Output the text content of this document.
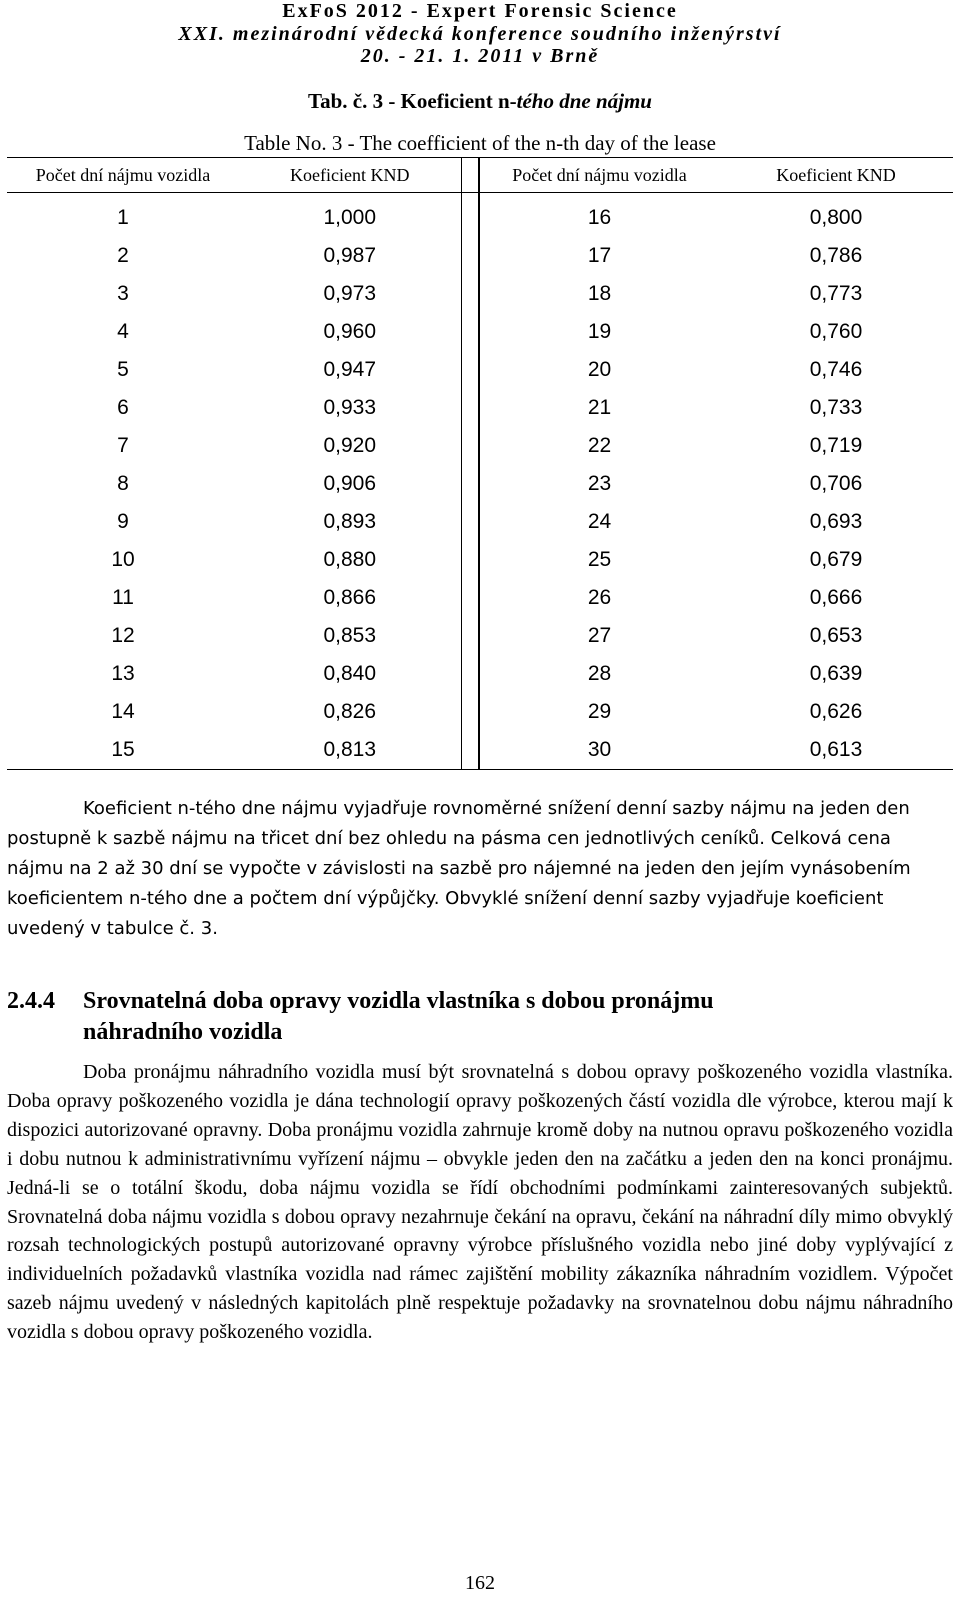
ExFoS 2012 - Expert Forensic Science
XXI. mezinárodní vědecká konference soudního inženýrství
20. - 21. 1. 2011 v Brně
Tab. č. 3 - Koeficient n-tého dne nájmu
Table No. 3 - The coefficient of the n-th day of the lease
Počet dní nájmu vozidla	Koeficient KND		Počet dní nájmu vozidla	Koeficient KND
1	1,000		16	0,800
2	0,987		17	0,786
3	0,973		18	0,773
4	0,960		19	0,760
5	0,947		20	0,746
6	0,933		21	0,733
7	0,920		22	0,719
8	0,906		23	0,706
9	0,893		24	0,693
10	0,880		25	0,679
11	0,866		26	0,666
12	0,853		27	0,653
13	0,840		28	0,639
14	0,826		29	0,626
15	0,813		30	0,613
Koeficient n-tého dne nájmu vyjadřuje rovnoměrné snížení denní sazby nájmu na jeden den postupně k sazbě nájmu na třicet dní bez ohledu na pásma cen jednotlivých ceníků. Celková cena nájmu na 2 až 30 dní se vypočte v závislosti na sazbě pro nájemné na jeden den jejím vynásobením koeficientem n-tého dne a počtem dní výpůjčky. Obvyklé snížení denní sazby vyjadřuje koeficient uvedený v tabulce č. 3.
2.4.4 Srovnatelná doba opravy vozidla vlastníka s dobou pronájmu
náhradního vozidla
Doba pronájmu náhradního vozidla musí být srovnatelná s dobou opravy poškozeného vozidla vlastníka. Doba opravy poškozeného vozidla je dána technologií opravy poškozených částí vozidla dle výrobce, kterou mají k dispozici autorizované opravny. Doba pronájmu vozidla zahrnuje kromě doby na nutnou opravu poškozeného vozidla i dobu nutnou k administrativnímu vyřízení nájmu – obvykle jeden den na začátku a jeden den na konci pronájmu. Jedná-li se o totální škodu, doba nájmu vozidla se řídí obchodními podmínkami zainteresovaných subjektů. Srovnatelná doba nájmu vozidla s dobou opravy nezahrnuje čekání na opravu, čekání na náhradní díly mimo obvyklý rozsah technologických postupů autorizované opravny výrobce příslušného vozidla nebo jiné doby vyplývající z individuelních požadavků vlastníka vozidla nad rámec zajištění mobility zákazníka náhradním vozidlem. Výpočet sazeb nájmu uvedený v následných kapitolách plně respektuje požadavky na srovnatelnou dobu nájmu náhradního vozidla s dobou opravy poškozeného vozidla.
162
